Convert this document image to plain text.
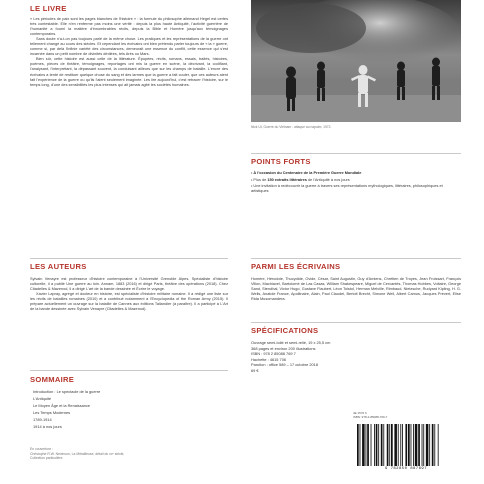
LE LIVRE

« Les périodes de paix sont les pages blanches de l'histoire » : la formule du philosophe allemand Hegel est certes très contestable. Elle n'en renferme pas moins une vérité : depuis la plus haute Antiquité, l'activité guerrière de l'humanité a fourni la matière d'innombrables récits, depuis la Bible et Homère jusqu'aux témoignages contemporains.

Sans doute n'a-t-on pas toujours parlé de la même chose. Les pratiques et les représentations de la guerre ont tellement changé au cours des siècles. Et cependant les écrivains ont bien prétendu parler toujours de « la » guerre, comme si, par delà l'infinie variété des circonstances, demeurait une essence du conflit, cette essence qui s'est incarnée dans un petit nombre de divinités dédiées, tels Arès ou Mars.

Bien sûr, cette histoire est aussi celle de la littérature. Épopées, récits, romans, essais, traités, histoires, poèmes, pièces de théâtre, témoignages, reportages ont mis la guerre en scène, la décrivant, la codifiant, l'analysant, l'interprétant, la dépassant souvent, la conduisant ailleurs que sur les champs de bataille. L'encre des écrivains a tenté de restituer quelque chose du sang et des larmes que la guerre a fait couler, que ces auteurs aient fait l'expérience de la guerre ou qu'ils l'aient seulement imaginée. Les lire aujourd'hui, c'est retracer l'histoire, sur le temps long, d'une des sensibilités les plus intenses qui ait jamais agité les sociétés humaines.

LES AUTEURS

Sylvain Venayre est professeur d'histoire contemporaine à l'Université Grenoble Alpes. Spécialiste d'histoire culturelle, il a publié Une guerre au loin. Annam, 1883 (2016) et dirigé Paris, théâtre des opérations (2018). Chez Citadelles & Mazenod, il a dirigé L'art de la bande dessinée et Écrire le voyage.

Xavier Lapray, agrégé et docteur en histoire, est spécialiste d'histoire militaire romaine. Il a rédigé une liste sur les récits de batailles romaines (2010) et a contribué notamment à l'Encyclopedia of the Roman Army (2015). Il prépare actuellement un ouvrage sur la bataille de Cannes aux éditions Tallandier (à paraître). Il a participé à L'Art de la bande dessinée avec Sylvain Venayre (Citadelles & Mazenod).

SOMMAIRE
Introduction : Le spectacle de la guerre
L'Antiquité
Le Moyen Âge et la Renaissance
Les Temps Modernes
1789-1914
1914 à nos jours
En couverture :
Christophe R.W. Nevinson, La Mitrailleuse, détail du xxᵉ siècle,
Collection particulière.
Nick Ut, Guerre du Vietnam : attaque au napalm, 1972.
POINTS FORTS
• À l'occasion du Centenaire de la Première Guerre Mondiale
• Plus de 150 extraits littéraires de l'Antiquité à nos jours
• Une invitation à redécouvrir la guerre à travers ses représentations mythologiques, littéraires, philosophiques et artistiques
PARMI LES ÉCRIVAINS
Homère, Hérodote, Thucydide, Ovide, César, Saint Augustin, Guy d'Amiens, Chrétien de Troyes, Jean Froissart, François Villon, Machiavel, Bartolomé de Las Casas, William Shakespeare, Miguel de Cervantès, Thomas Hobbes, Voltaire, George Sand, Stendhal, Victor Hugo, Gustave Flaubert, Léon Tolstoï, Herman Melville, Rimbaud, Nietzsche, Rudyard Kipling, H. G. Wells, Anatole France, Apollinaire, Alain, Paul Claudel, Bertolt Brecht, Simone Weil, Albert Camus, Jacques Prévert, Elise Rida Musomandera.
SPÉCIFICATIONS
Ouvrage semi-toilé et semi-relié, 19 x 25,5 cm
368 pages et environ 200 illustrations
ISBN : 978 2 85088 769 7
Hachette : 4615 706
Parution : office 589 – 17 octobre 2018
69 €
4E 1576 6
ISBN: 978-2-85088-769-7
9 782850 887697
